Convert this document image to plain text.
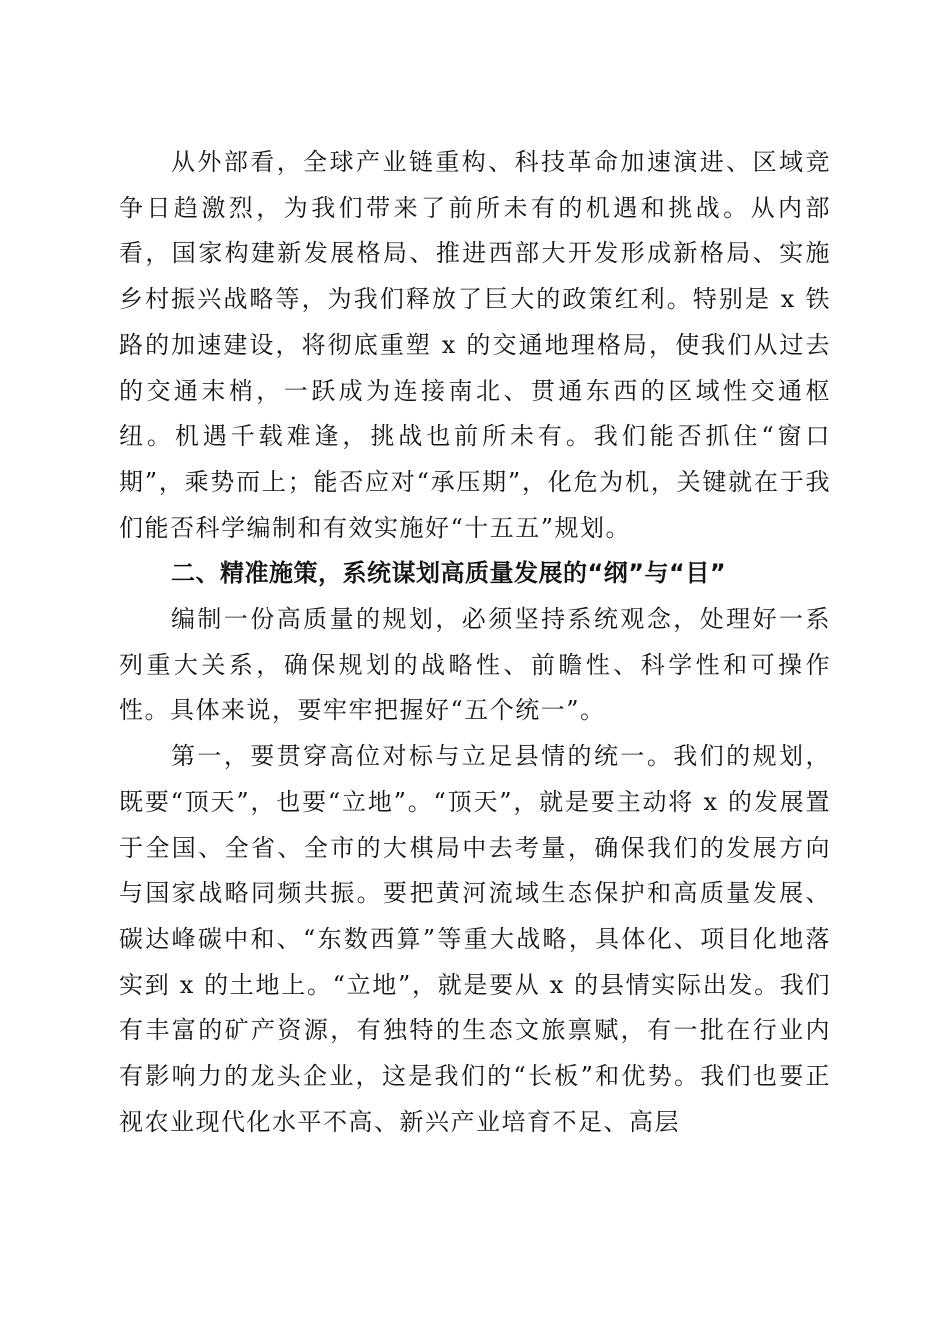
从外部看，全球产业链重构、科技革命加速演进、区域竞争日趋激烈，为我们带来了前所未有的机遇和挑战。从内部看，国家构建新发展格局、推进西部大开发形成新格局、实施乡村振兴战略等，为我们释放了巨大的政策红利。特别是 x 铁路的加速建设，将彻底重塑 x 的交通地理格局，使我们从过去的交通末梢，一跃成为连接南北、贯通东西的区域性交通枢纽。机遇千载难逢，挑战也前所未有。我们能否抓住“窗口期”，乘势而上；能否应对“承压期”，化危为机，关键就在于我们能否科学编制和有效实施好“十五五”规划。

二、精准施策，系统谋划高质量发展的“纲”与“目”

编制一份高质量的规划，必须坚持系统观念，处理好一系列重大关系，确保规划的战略性、前瞻性、科学性和可操作性。具体来说，要牢牢把握好“五个统一”。

第一，要贯穿高位对标与立足县情的统一。我们的规划，既要“顶天”，也要“立地”。“顶天”，就是要主动将 x 的发展置于全国、全省、全市的大棋局中去考量，确保我们的发展方向与国家战略同频共振。要把黄河流域生态保护和高质量发展、碳达峰碳中和、“东数西算”等重大战略，具体化、项目化地落实到 x 的土地上。“立地”，就是要从 x 的县情实际出发。我们有丰富的矿产资源，有独特的生态文旅禀赋，有一批在行业内有影响力的龙头企业，这是我们的“长板”和优势。我们也要正视农业现代化水平不高、新兴产业培育不足、高层
